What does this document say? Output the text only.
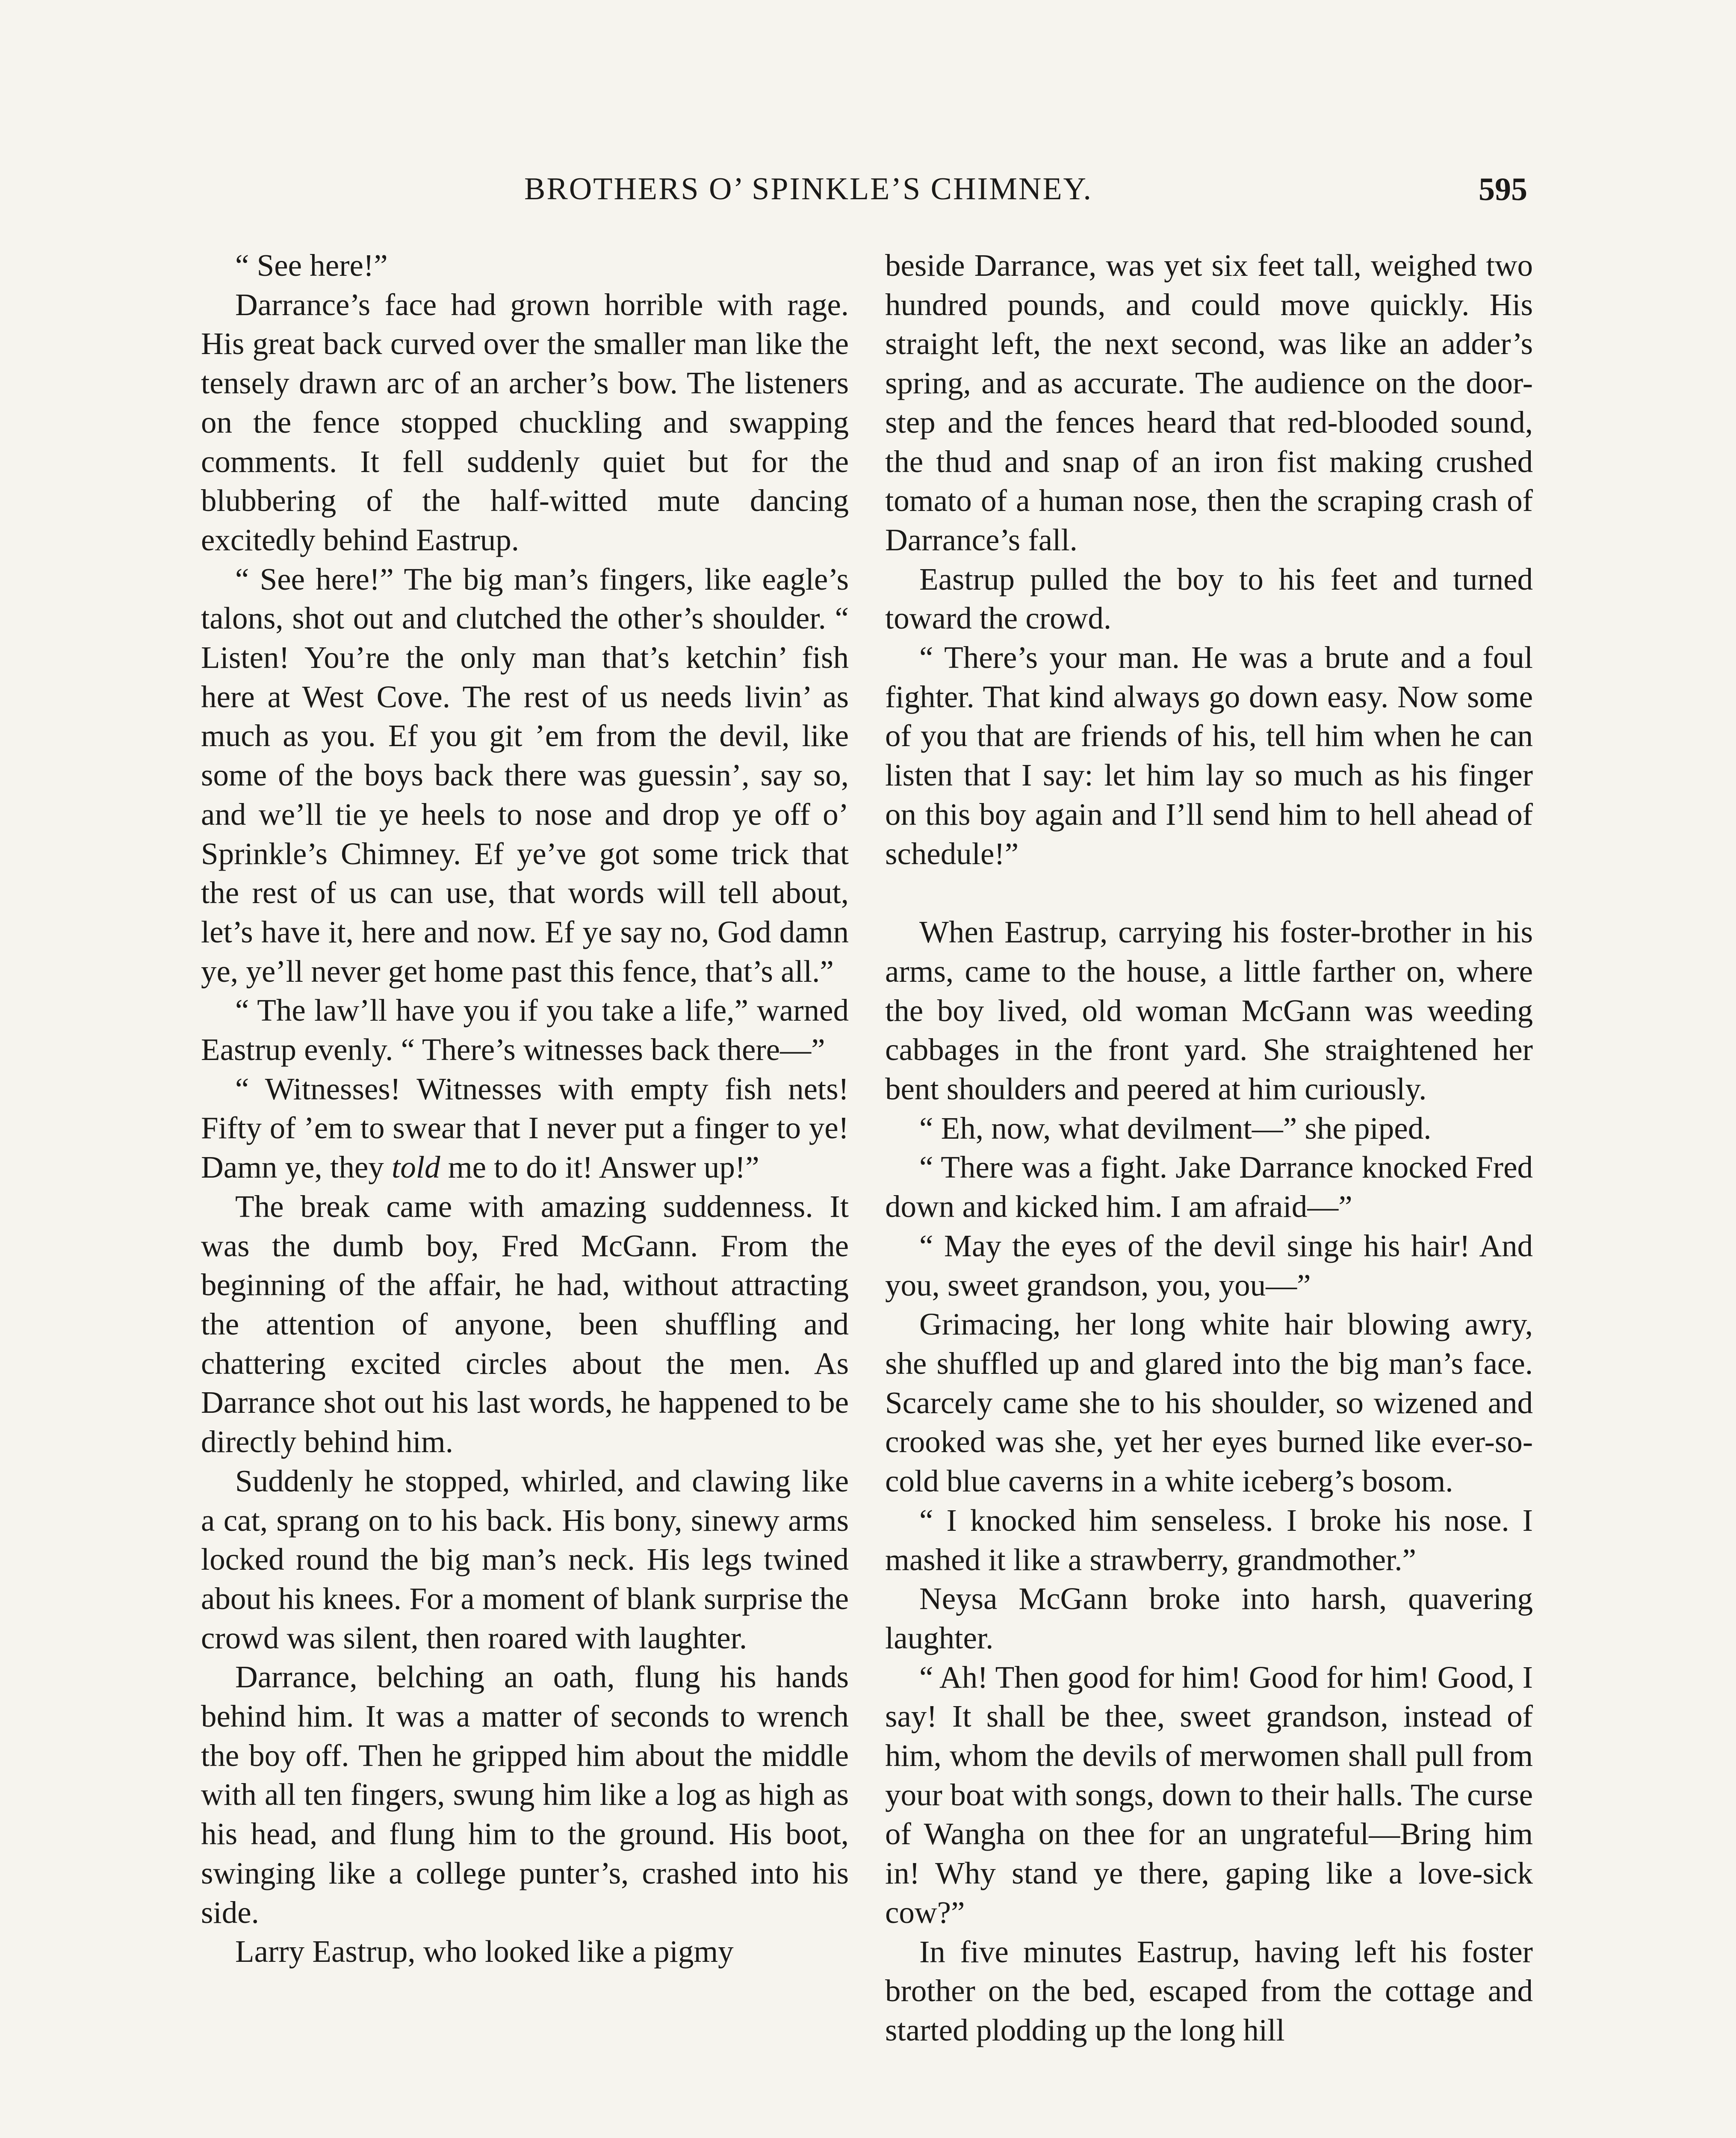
BROTHERS O’ SPINKLE’S CHIMNEY.	595

“ See here!”

Darrance’s face had grown horrible with rage. His great back curved over the smaller man like the tensely drawn arc of an archer’s bow. The listeners on the fence stopped chuckling and swapping comments. It fell suddenly quiet but for the blubbering of the half-witted mute dancing excitedly behind Eastrup.

“ See here!” The big man’s fingers, like eagle’s talons, shot out and clutched the other’s shoulder. “ Listen! You’re the only man that’s ketchin’ fish here at West Cove. The rest of us needs livin’ as much as you. Ef you git ’em from the devil, like some of the boys back there was guessin’, say so, and we’ll tie ye heels to nose and drop ye off o’ Sprinkle’s Chimney. Ef ye’ve got some trick that the rest of us can use, that words will tell about, let’s have it, here and now. Ef ye say no, God damn ye, ye’ll never get home past this fence, that’s all.”

“ The law’ll have you if you take a life,” warned Eastrup evenly. “ There’s witnesses back there—”

“ Witnesses! Witnesses with empty fish nets! Fifty of ’em to swear that I never put a finger to ye! Damn ye, they told me to do it! Answer up!”

The break came with amazing suddenness. It was the dumb boy, Fred McGann. From the beginning of the affair, he had, without attracting the attention of anyone, been shuffling and chattering excited circles about the men. As Darrance shot out his last words, he happened to be directly behind him.

Suddenly he stopped, whirled, and clawing like a cat, sprang on to his back. His bony, sinewy arms locked round the big man’s neck. His legs twined about his knees. For a moment of blank surprise the crowd was silent, then roared with laughter.

Darrance, belching an oath, flung his hands behind him. It was a matter of seconds to wrench the boy off. Then he gripped him about the middle with all ten fingers, swung him like a log as high as his head, and flung him to the ground. His boot, swinging like a college punter’s, crashed into his side.

Larry Eastrup, who looked like a pigmy

beside Darrance, was yet six feet tall, weighed two hundred pounds, and could move quickly. His straight left, the next second, was like an adder’s spring, and as accurate. The audience on the door-step and the fences heard that red-blooded sound, the thud and snap of an iron fist making crushed tomato of a human nose, then the scraping crash of Darrance’s fall.

Eastrup pulled the boy to his feet and turned toward the crowd.

“ There’s your man. He was a brute and a foul fighter. That kind always go down easy. Now some of you that are friends of his, tell him when he can listen that I say: let him lay so much as his finger on this boy again and I’ll send him to hell ahead of schedule!”

When Eastrup, carrying his foster-brother in his arms, came to the house, a little farther on, where the boy lived, old woman McGann was weeding cabbages in the front yard. She straightened her bent shoulders and peered at him curiously.

“ Eh, now, what devilment—” she piped.

“ There was a fight. Jake Darrance knocked Fred down and kicked him. I am afraid—”

“ May the eyes of the devil singe his hair! And you, sweet grandson, you, you—”

Grimacing, her long white hair blowing awry, she shuffled up and glared into the big man’s face. Scarcely came she to his shoulder, so wizened and crooked was she, yet her eyes burned like ever-so-cold blue caverns in a white iceberg’s bosom.

“ I knocked him senseless. I broke his nose. I mashed it like a strawberry, grandmother.”

Neysa McGann broke into harsh, quavering laughter.

“ Ah! Then good for him! Good for him! Good, I say! It shall be thee, sweet grandson, instead of him, whom the devils of merwomen shall pull from your boat with songs, down to their halls. The curse of Wangha on thee for an ungrateful—Bring him in! Why stand ye there, gaping like a love-sick cow?”

In five minutes Eastrup, having left his foster brother on the bed, escaped from the cottage and started plodding up the long hill
